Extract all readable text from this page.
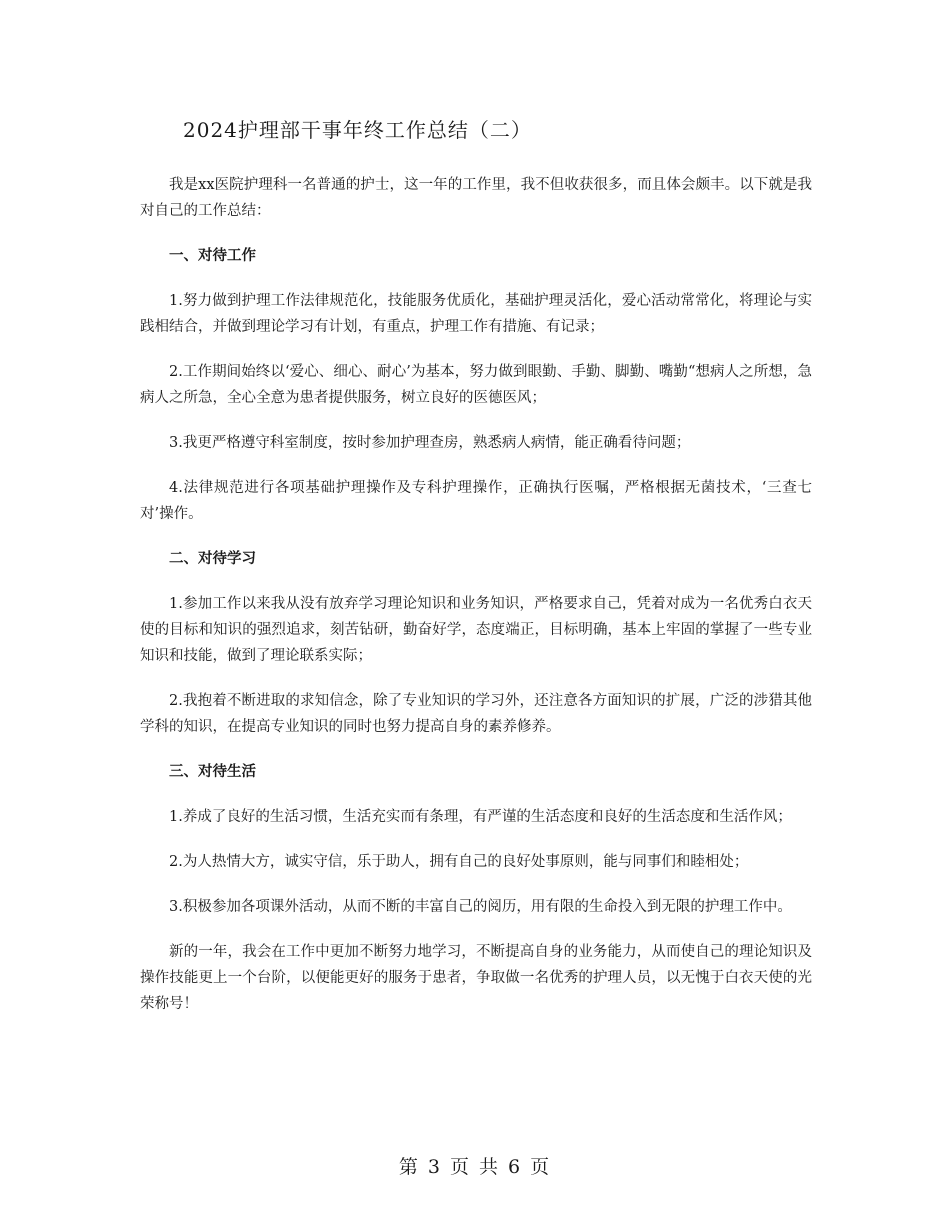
2024护理部干事年终工作总结（二）

我是xx医院护理科一名普通的护士，这一年的工作里，我不但收获很多，而且体会颇丰。以下就是我对自己的工作总结：

一、对待工作

1.努力做到护理工作法律规范化，技能服务优质化，基础护理灵活化，爱心活动常常化，将理论与实践相结合，并做到理论学习有计划，有重点，护理工作有措施、有记录；

2.工作期间始终以‘爱心、细心、耐心’为基本，努力做到眼勤、手勤、脚勤、嘴勤“想病人之所想，急病人之所急，全心全意为患者提供服务，树立良好的医德医风；

3.我更严格遵守科室制度，按时参加护理查房，熟悉病人病情，能正确看待问题；

4.法律规范进行各项基础护理操作及专科护理操作，正确执行医嘱，严格根据无菌技术，‘三查七对’操作。

二、对待学习

1.参加工作以来我从没有放弃学习理论知识和业务知识，严格要求自己，凭着对成为一名优秀白衣天使的目标和知识的强烈追求，刻苦钻研，勤奋好学，态度端正，目标明确，基本上牢固的掌握了一些专业知识和技能，做到了理论联系实际；

2.我抱着不断进取的求知信念，除了专业知识的学习外，还注意各方面知识的扩展，广泛的涉猎其他学科的知识，在提高专业知识的同时也努力提高自身的素养修养。

三、对待生活

1.养成了良好的生活习惯，生活充实而有条理，有严谨的生活态度和良好的生活态度和生活作风；

2.为人热情大方，诚实守信，乐于助人，拥有自己的良好处事原则，能与同事们和睦相处；

3.积极参加各项课外活动，从而不断的丰富自己的阅历，用有限的生命投入到无限的护理工作中。

新的一年，我会在工作中更加不断努力地学习，不断提高自身的业务能力，从而使自己的理论知识及操作技能更上一个台阶，以便能更好的服务于患者，争取做一名优秀的护理人员，以无愧于白衣天使的光荣称号！

第 3 页 共 6 页
